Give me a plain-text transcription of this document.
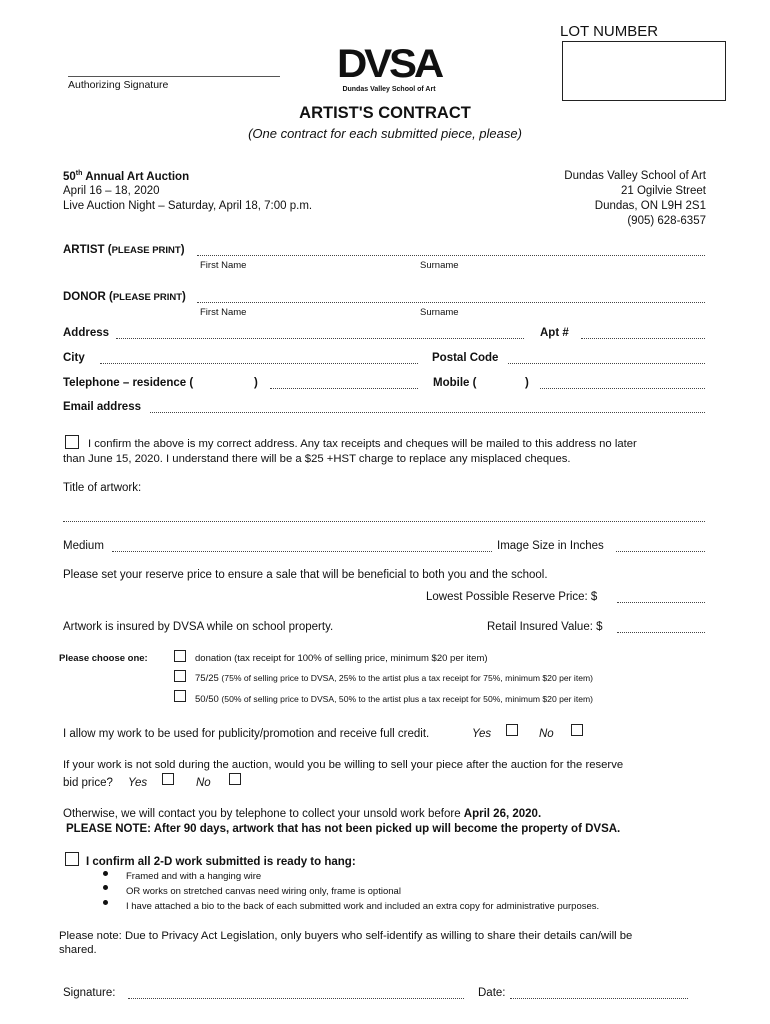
Authorizing Signature	DVSA
Dundas Valley School of Art
LOT NUMBER
ARTIST'S CONTRACT
(One contract for each submitted piece, please)
50th Annual Art Auction
April 16 – 18, 2020
Live Auction Night – Saturday, April 18, 7:00 p.m.
Dundas Valley School of Art
21 Ogilvie Street
Dundas, ON L9H 2S1
(905) 628-6357
ARTIST (PLEASE PRINT)
First Name	Surname
DONOR (PLEASE PRINT)
First Name	Surname
Address	Apt #
City	Postal Code
Telephone – residence (	)	Mobile (	)
Email address
I confirm the above is my correct address. Any tax receipts and cheques will be mailed to this address no later
than June 15, 2020. I understand there will be a $25 +HST charge to replace any misplaced cheques.
Title of artwork:
Medium	Image Size in Inches
Please set your reserve price to ensure a sale that will be beneficial to both you and the school.
Lowest Possible Reserve Price: $
Artwork is insured by DVSA while on school property.	Retail Insured Value: $
Please choose one:	donation (tax receipt for 100% of selling price, minimum $20 per item)
75/25 (75% of selling price to DVSA, 25% to the artist plus a tax receipt for 75%, minimum $20 per item)
50/50 (50% of selling price to DVSA, 50% to the artist plus a tax receipt for 50%, minimum $20 per item)
I allow my work to be used for publicity/promotion and receive full credit.	Yes	No
If your work is not sold during the auction, would you be willing to sell your piece after the auction for the reserve
bid price? Yes	No
Otherwise, we will contact you by telephone to collect your unsold work before April 26, 2020.
PLEASE NOTE: After 90 days, artwork that has not been picked up will become the property of DVSA.
I confirm all 2-D work submitted is ready to hang:
Framed and with a hanging wire
OR works on stretched canvas need wiring only, frame is optional
I have attached a bio to the back of each submitted work and included an extra copy for administrative purposes.
Please note: Due to Privacy Act Legislation, only buyers who self-identify as willing to share their details can/will be
shared.
Signature:	Date:
